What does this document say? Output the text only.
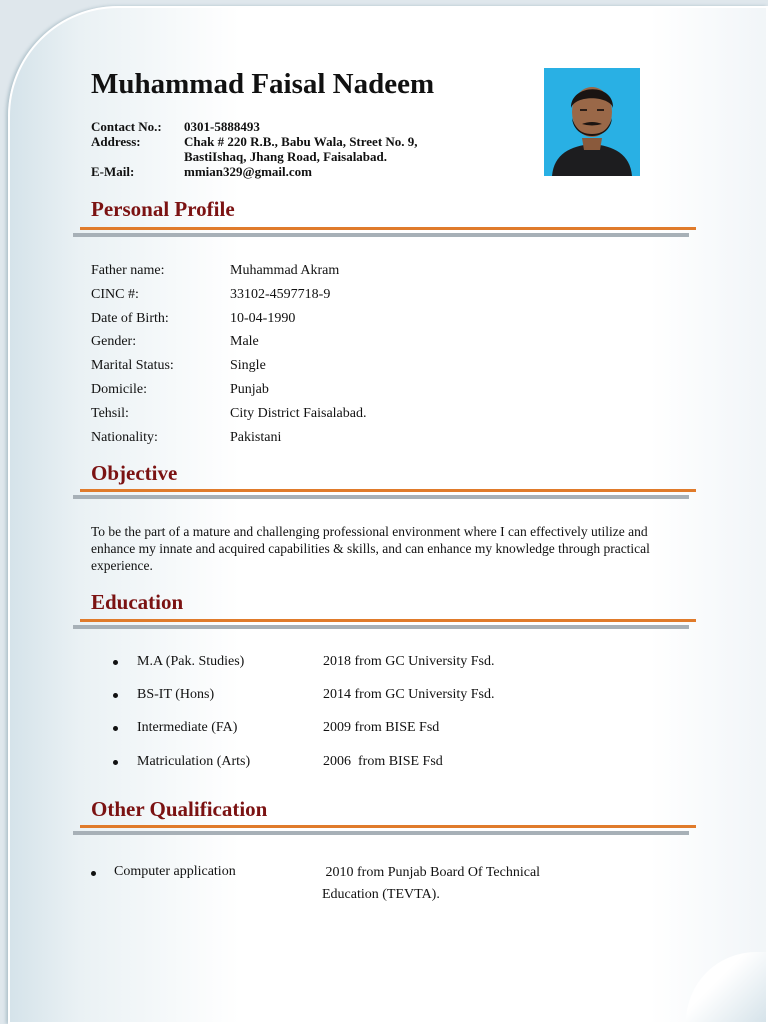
Muhammad Faisal Nadeem
Contact No.:	0301-5888493
Address:	Chak # 220 R.B., Babu Wala, Street No. 9,
BastiIshaq, Jhang Road, Faisalabad.
E-Mail:	mmian329@gmail.com
Personal Profile
Father name:	Muhammad Akram
CINC #:	33102-4597718-9
Date of Birth:	10-04-1990
Gender:	Male
Marital Status:	Single
Domicile:	Punjab
Tehsil:	City District Faisalabad.
Nationality:	Pakistani
Objective

To be the part of a mature and challenging professional environment where I can effectively utilize and enhance my innate and acquired capabilities & skills, and can enhance my knowledge through practical experience.

Education
M.A (Pak. Studies)	2018 from GC University Fsd.
BS-IT (Hons)	2014 from GC University Fsd.
Intermediate (FA)	2009 from BISE Fsd
Matriculation (Arts)	2006  from BISE Fsd
Other Qualification
Computer application	2010 from Punjab Board Of Technical
Education (TEVTA).
